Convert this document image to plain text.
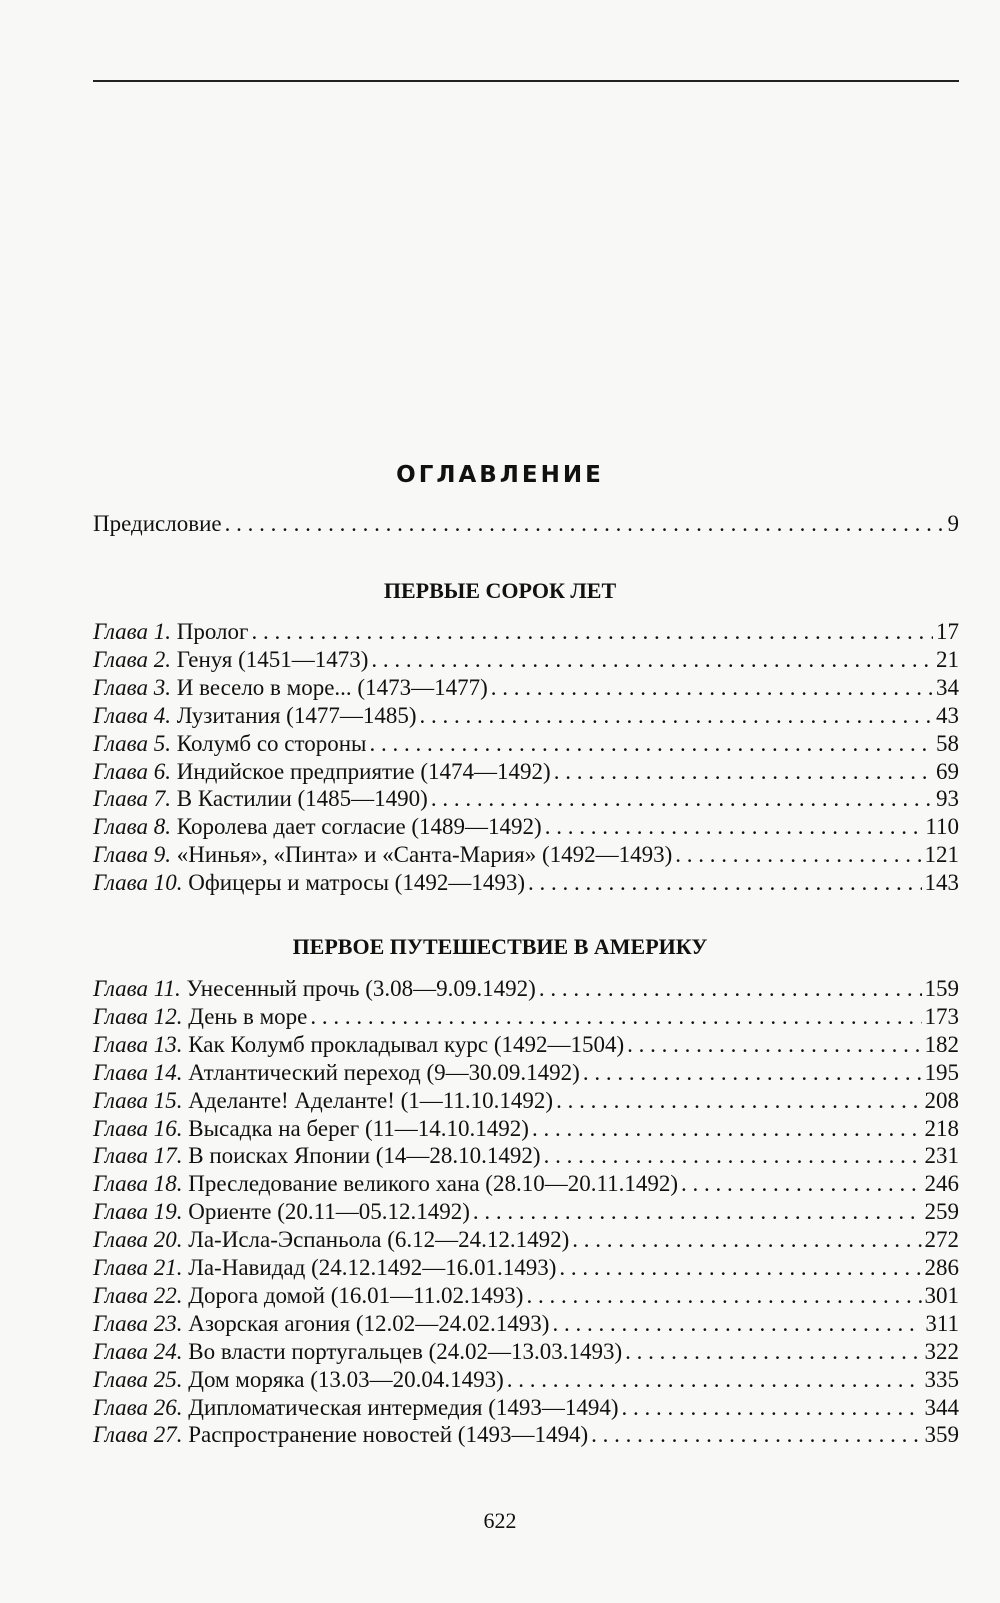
ОГЛАВЛЕНИЕ
Предисловие . . .	9
ПЕРВЫЕ СОРОК ЛЕТ
Глава 1. Пролог . . .	17
Глава 2. Генуя (1451—1473) . . .	21
Глава 3. И весело в море... (1473—1477) . . .	34
Глава 4. Лузитания (1477—1485) . . .	43
Глава 5. Колумб со стороны . . .	58
Глава 6. Индийское предприятие (1474—1492) . . .	69
Глава 7. В Кастилии (1485—1490) . . .	93
Глава 8. Королева дает согласие (1489—1492) . . .	110
Глава 9. «Нинья», «Пинта» и «Санта-Мария» (1492—1493) . . .	121
Глава 10. Офицеры и матросы (1492—1493) . . .	143
ПЕРВОЕ ПУТЕШЕСТВИЕ В АМЕРИКУ
Глава 11. Унесенный прочь (3.08—9.09.1492) . . .	159
Глава 12. День в море . . .	173
Глава 13. Как Колумб прокладывал курс (1492—1504) . . .	182
Глава 14. Атлантический переход (9—30.09.1492) . . .	195
Глава 15. Аделанте! Аделанте! (1—11.10.1492) . . .	208
Глава 16. Высадка на берег (11—14.10.1492) . . .	218
Глава 17. В поисках Японии (14—28.10.1492) . . .	231
Глава 18. Преследование великого хана (28.10—20.11.1492) . . .	246
Глава 19. Ориенте (20.11—05.12.1492) . . .	259
Глава 20. Ла-Исла-Эспаньола (6.12—24.12.1492) . . .	272
Глава 21. Ла-Навидад (24.12.1492—16.01.1493) . . .	286
Глава 22. Дорога домой (16.01—11.02.1493) . . .	301
Глава 23. Азорская агония (12.02—24.02.1493) . . .	311
Глава 24. Во власти португальцев (24.02—13.03.1493) . . .	322
Глава 25. Дом моряка (13.03—20.04.1493) . . .	335
Глава 26. Дипломатическая интермедия (1493—1494) . . .	344
Глава 27. Распространение новостей (1493—1494) . . .	359
622
